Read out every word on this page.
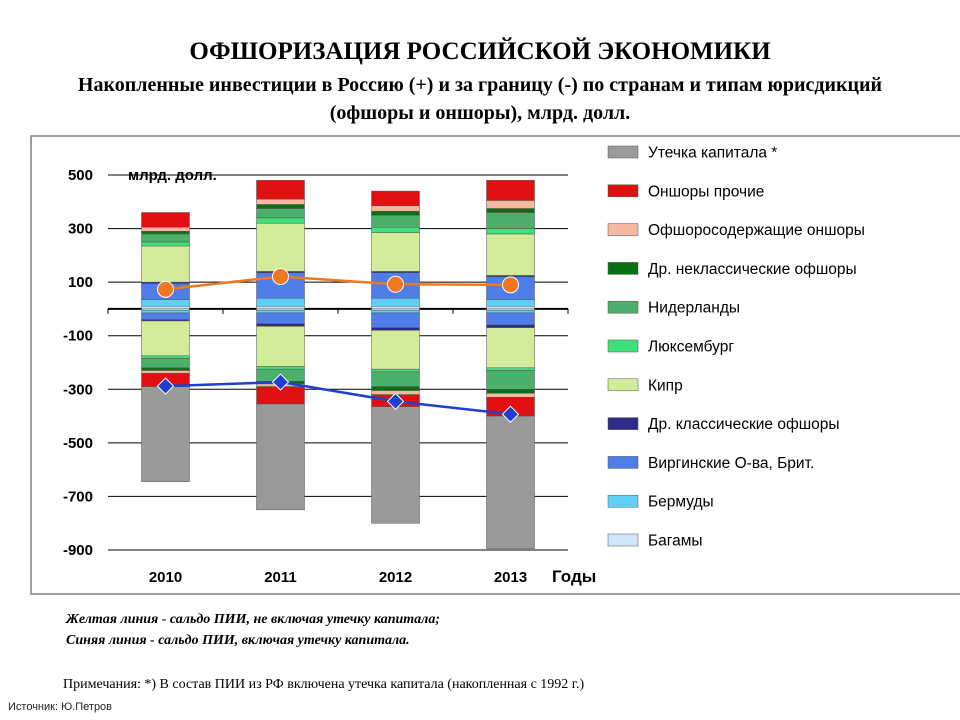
ОФШОРИЗАЦИЯ РОССИЙСКОЙ ЭКОНОМИКИ
Накопленные инвестиции в Россию (+) и за границу (-) по странам и типам юрисдикций (офшоры и оншоры), млрд. долл.
500
300
100
-100
-300
-500
-700
-900
2010	2011	2012	2013
Утечка капитала *
Оншоры прочие
Офшоросодержащие оншоры
Др. неклассические офшоры
Нидерланды
Люксембург
Кипр
Др. классические офшоры
Виргинские О-ва, Брит.
Бермуды
Багамы
млрд. долл.
Годы
Желтая линия - сальдо ПИИ, не включая утечку капитала;
Синяя линия - сальдо ПИИ, включая утечку капитала.
Примечания: *) В состав ПИИ из РФ включена утечка капитала (накопленная с 1992 г.)
Источник: Ю.Петров
